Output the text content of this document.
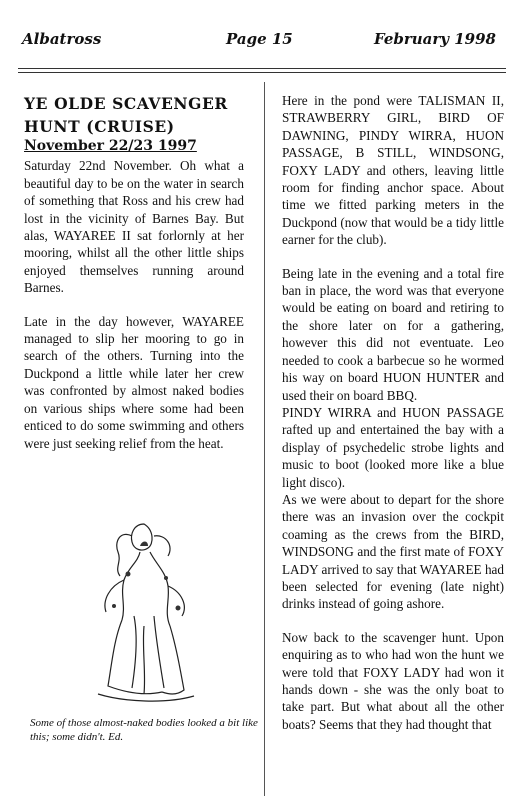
Albatross	Page 15	February 1998
YE OLDE SCAVENGER HUNT (CRUISE)
November 22/23 1997

Saturday 22nd November. Oh what a beautiful day to be on the water in search of something that Ross and his crew had lost in the vicinity of Barnes Bay. But alas, WAYAREE II sat forlornly at her mooring, whilst all the other little ships enjoyed themselves running around Barnes.

Late in the day however, WAYAREE managed to slip her mooring to go in search of the others. Turning into the Duckpond a little while later her crew was confronted by almost naked bodies on various ships where some had been enticed to do some swimming and others were just seeking relief from the heat.

Some of those almost-naked bodies looked a bit like this; some didn't. Ed.

Here in the pond were TALISMAN II, STRAWBERRY GIRL, BIRD OF DAWNING, PINDY WIRRA, HUON PASSAGE, B STILL, WINDSONG, FOXY LADY and others, leaving little room for finding anchor space. About time we fitted parking meters in the Duckpond (now that would be a tidy little earner for the club).

Being late in the evening and a total fire ban in place, the word was that everyone would be eating on board and retiring to the shore later on for a gathering, however this did not eventuate. Leo needed to cook a barbecue so he wormed his way on board HUON HUNTER and used their on board BBQ.

PINDY WIRRA and HUON PASSAGE rafted up and entertained the bay with a display of psychedelic strobe lights and music to boot (looked more like a blue light disco).

As we were about to depart for the shore there was an invasion over the cockpit coaming as the crews from the BIRD, WINDSONG and the first mate of FOXY LADY arrived to say that WAYAREE had been selected for evening (late night) drinks instead of going ashore.

Now back to the scavenger hunt. Upon enquiring as to who had won the hunt we were told that FOXY LADY had won it hands down - she was the only boat to take part. But what about all the other boats? Seems that they had thought that
